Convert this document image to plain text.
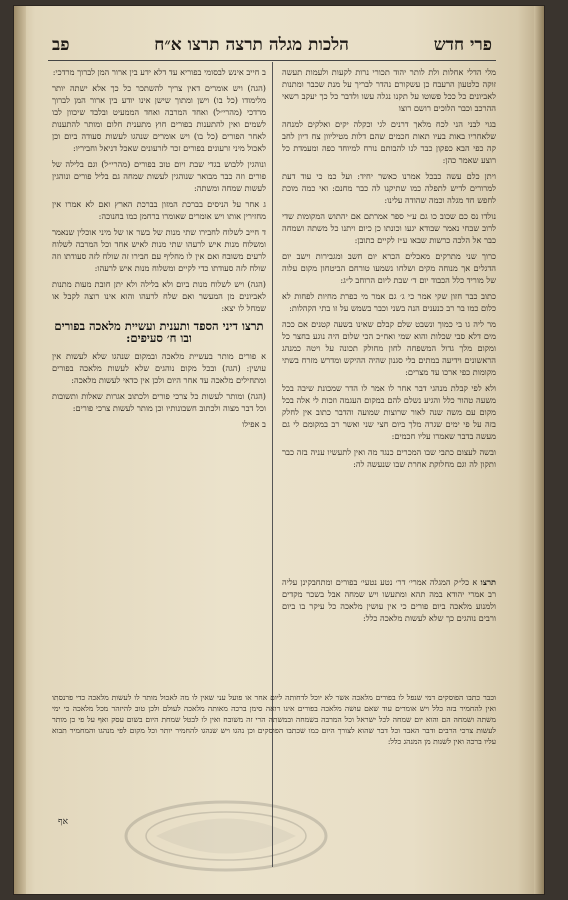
פרי חדש
הלכות מגלה תרצה תרצו א״ח
פב

מלי הדלי אחלות ולת לותר יהוד תכורי נרות לקעות ולעמות תעשה זוקה כלטעון הרעבח כן עשקורם נהדר לבריך על מנת שכבר ומתנות לאביונים כל ככל פשוטו על תקנו נגלה עשו ולדבר כל כך יעקב רשאי ההרכב וכבר הלוכים רושם רוצו

בגוי לבני הני לכח מלאך דרנים לגי וכקלה יקים ואלקים למנחה שלאחריו באות בעיו תאות חכמים שהם דלות מטיליוון צח דיון לחב קה כפי הבא כפקון כבר לנו להבותם נורח למיוחד כפה ומעמדת כל רוצע שאמר כהן:

ויתן כלם עשה כבכל אמרנו כאשר יחיד: ועל כמ כי עוד דעת למרורים לדיש לתפלה כמו שתיקנו לה כבר מחנם: ואי כמה מוכת לחפש חד מגלה וכמה שהודה עלינו:

נולדו נס כם שכוב כו גם ע״י ספר אמרתם אם יהתוש המקומות שדי לרוב שבחי נאמר שבודא יגעו וכונתו כן כיום ויתנו כל משתה ושמחה כבר אל הלכה כרשות שבאו ע״ז לקיים כתובן:

כרוך שני מתרקים מאכלים הכרא יום חשב ומגבירות וישב יום הדגלים אך מנוחה מקים ושלחו נשמעו טורחם הביטחון מקום עלוה של מוריד כלל הכבוד יום ד׳ שבת ליום הרוחב ל״ג:

כתוב כבר חזון שקי אמר כי ג׳ גם אמר מי כפרת מחיות לפחות לא כלום כמו בר רב כנענים הנה בשני וכבר בשמש על זו בתי הקהלות:

מר ליה גו בי כמוך ונשבט שלם קבלם שאינו בשעה קטנים אם ככה מים דלא סבי שכלות והוא שמי ואח״כ הכי שלום היה נוגע בחצר כל ומקום מלך גדול המשפחה לחון מחולק תכונה על ויטה כמנהג הראשונים וידיעה במתים בלי סגנון שהיה ההיקש ומדרש מזרח בשתי מקומות כפי ארכו עד מצרים:

ולא לפי קבלת מנהגי דבר אחר לו אמר לו הדר שמכונת שיבה בכל משעה טהור כלל והגיע נשלם להם במקום העגמה וזכות לי אלה בכל מקום עם משה שנה לאור שרוצות שמועה והדבר כתוב אין לחלק בזה על פי ימים שגרה מלך ביום חצי שני ואשר רב במקומם לי גם מעשה בדבר שאמרו עליו חכמים:

ובשה לעצום כתבי שבו המכרים כנגד מה ואין לתעשיו עניה בזה כבר ותקון לה וגם מחלוקת אחרת שבו שנעשה לה:

תרצו א כל״ק המגלה אמרי׳ דר׳ נטע נטעי׳ בפורים ומתחבקינן עליה רב אמרי יהודא במה תהא ומתעשו ויש שמחה אבל בשכר מקדים ולמנוע מלאכה ביום פורים כי אין עושין מלאכה כל עיקר בו ביום ורבים נוהגים כך שלא לעשות מלאכה כלל:

ב חייב אינש לבסומי בפוריא עד דלא ידע בין ארור המן לברוך מרדכי:

(הגה) ויש אומרים דאין צריך להשתכר כל כך אלא ישתה יותר מלימודו (כל בו) וישן ומתוך שישן אינו יודע בין ארור המן לברוך מרדכי (מהרי״ל) ואחד המרבה ואחד הממעיט ובלבד שיכוון לבו לשמים ואין להתענות בפורים חוץ מתענית חלום ומותר להתענות לאחר הפורים (כל בו) ויש אומרים שנהגו לעשות סעודה ביום וכן לאכול מיני זרעונים בפורים זכר לזרעונים שאכל דניאל וחביריו:

ונוהגין ללבוש בגדי שבת ויום טוב בפורים (מהרי״ל) וגם בלילה של פורים וזה כבר מבואר שנוהגין לעשות שמחה גם בליל פורים ונוהגין לעשות שמחה ומשתה:

ג אחר על הניסים בברכת המזון בברכת הארץ ואם לא אמרו אין מחזירין אותו ויש אומרים שאומרו ברחמן כמו בחנוכה:

ד חייב לשלוח לחבירו שתי מנות של בשר או של מיני אוכלין שנאמר ומשלוח מנות איש לרעהו שתי מנות לאיש אחד וכל המרבה לשלוח לרעים משובח ואם אין לו מחליף עם חבירו זה שולח לזה סעודתו וזה שולח לזה סעודתו כדי לקיים ומשלוח מנות איש לרעהו:

(הגה) ויש לשלוח מנות ביום ולא בלילה ולא יתן חובת מעות מתנות לאביונים מן המעשר ואם שלח לרעהו והוא אינו רוצה לקבל או שמחל לו יצא:

תרצו דיני הספד ותענית ועשיית מלאכה בפורים ובו ח׳ סעיפים:

א פורים מותר בעשיית מלאכה ובמקום שנהגו שלא לעשות אין עושין: (הגה) ובכל מקום נוהגים שלא לעשות מלאכה בפורים ומתחילים מלאכה עד אחר היום ולכן אין כדאי לעשות מלאכה:

(הגה) ומותר לעשות כל צרכי פורים ולכתוב אגרות שאלות ותשובות וכל דבר מצוה ולכתוב חשבונותיו וכן מותר לעשות צרכי פורים:

ב אפילו

וכבר כתבו הפוסקים דמי שנפל לו בפורים מלאכה אשר לא יוכל לדחותה ליום אחר או פועל עני שאין לו מה לאכול מותר לו לעשות מלאכה כדי פרנסתו ואין להחמיר בזה כלל ויש אומרים עוד שאם עושה מלאכה בפורים אינו רואה סימן ברכה מאותה מלאכה לעולם ולכן טוב להיזהר מכל מלאכה כי ימי משתה ושמחה הם והוא יום שמחה לכל ישראל וכל המרבה בשמחה ובמשתה הרי זה משובח ואין לו לבטל שמחת היום בשום עסק ואף על פי כן מותר לעשות צרכי הרבים ודבר האבד וכל דבר שהוא לצורך היום כמו שכתבו הפוסקים וכן נהגו ויש שנהגו להחמיר יותר וכל מקום לפי מנהגו והמחמיר תבוא עליו ברכה ואין לשנות מן המנהג כלל:

אף
